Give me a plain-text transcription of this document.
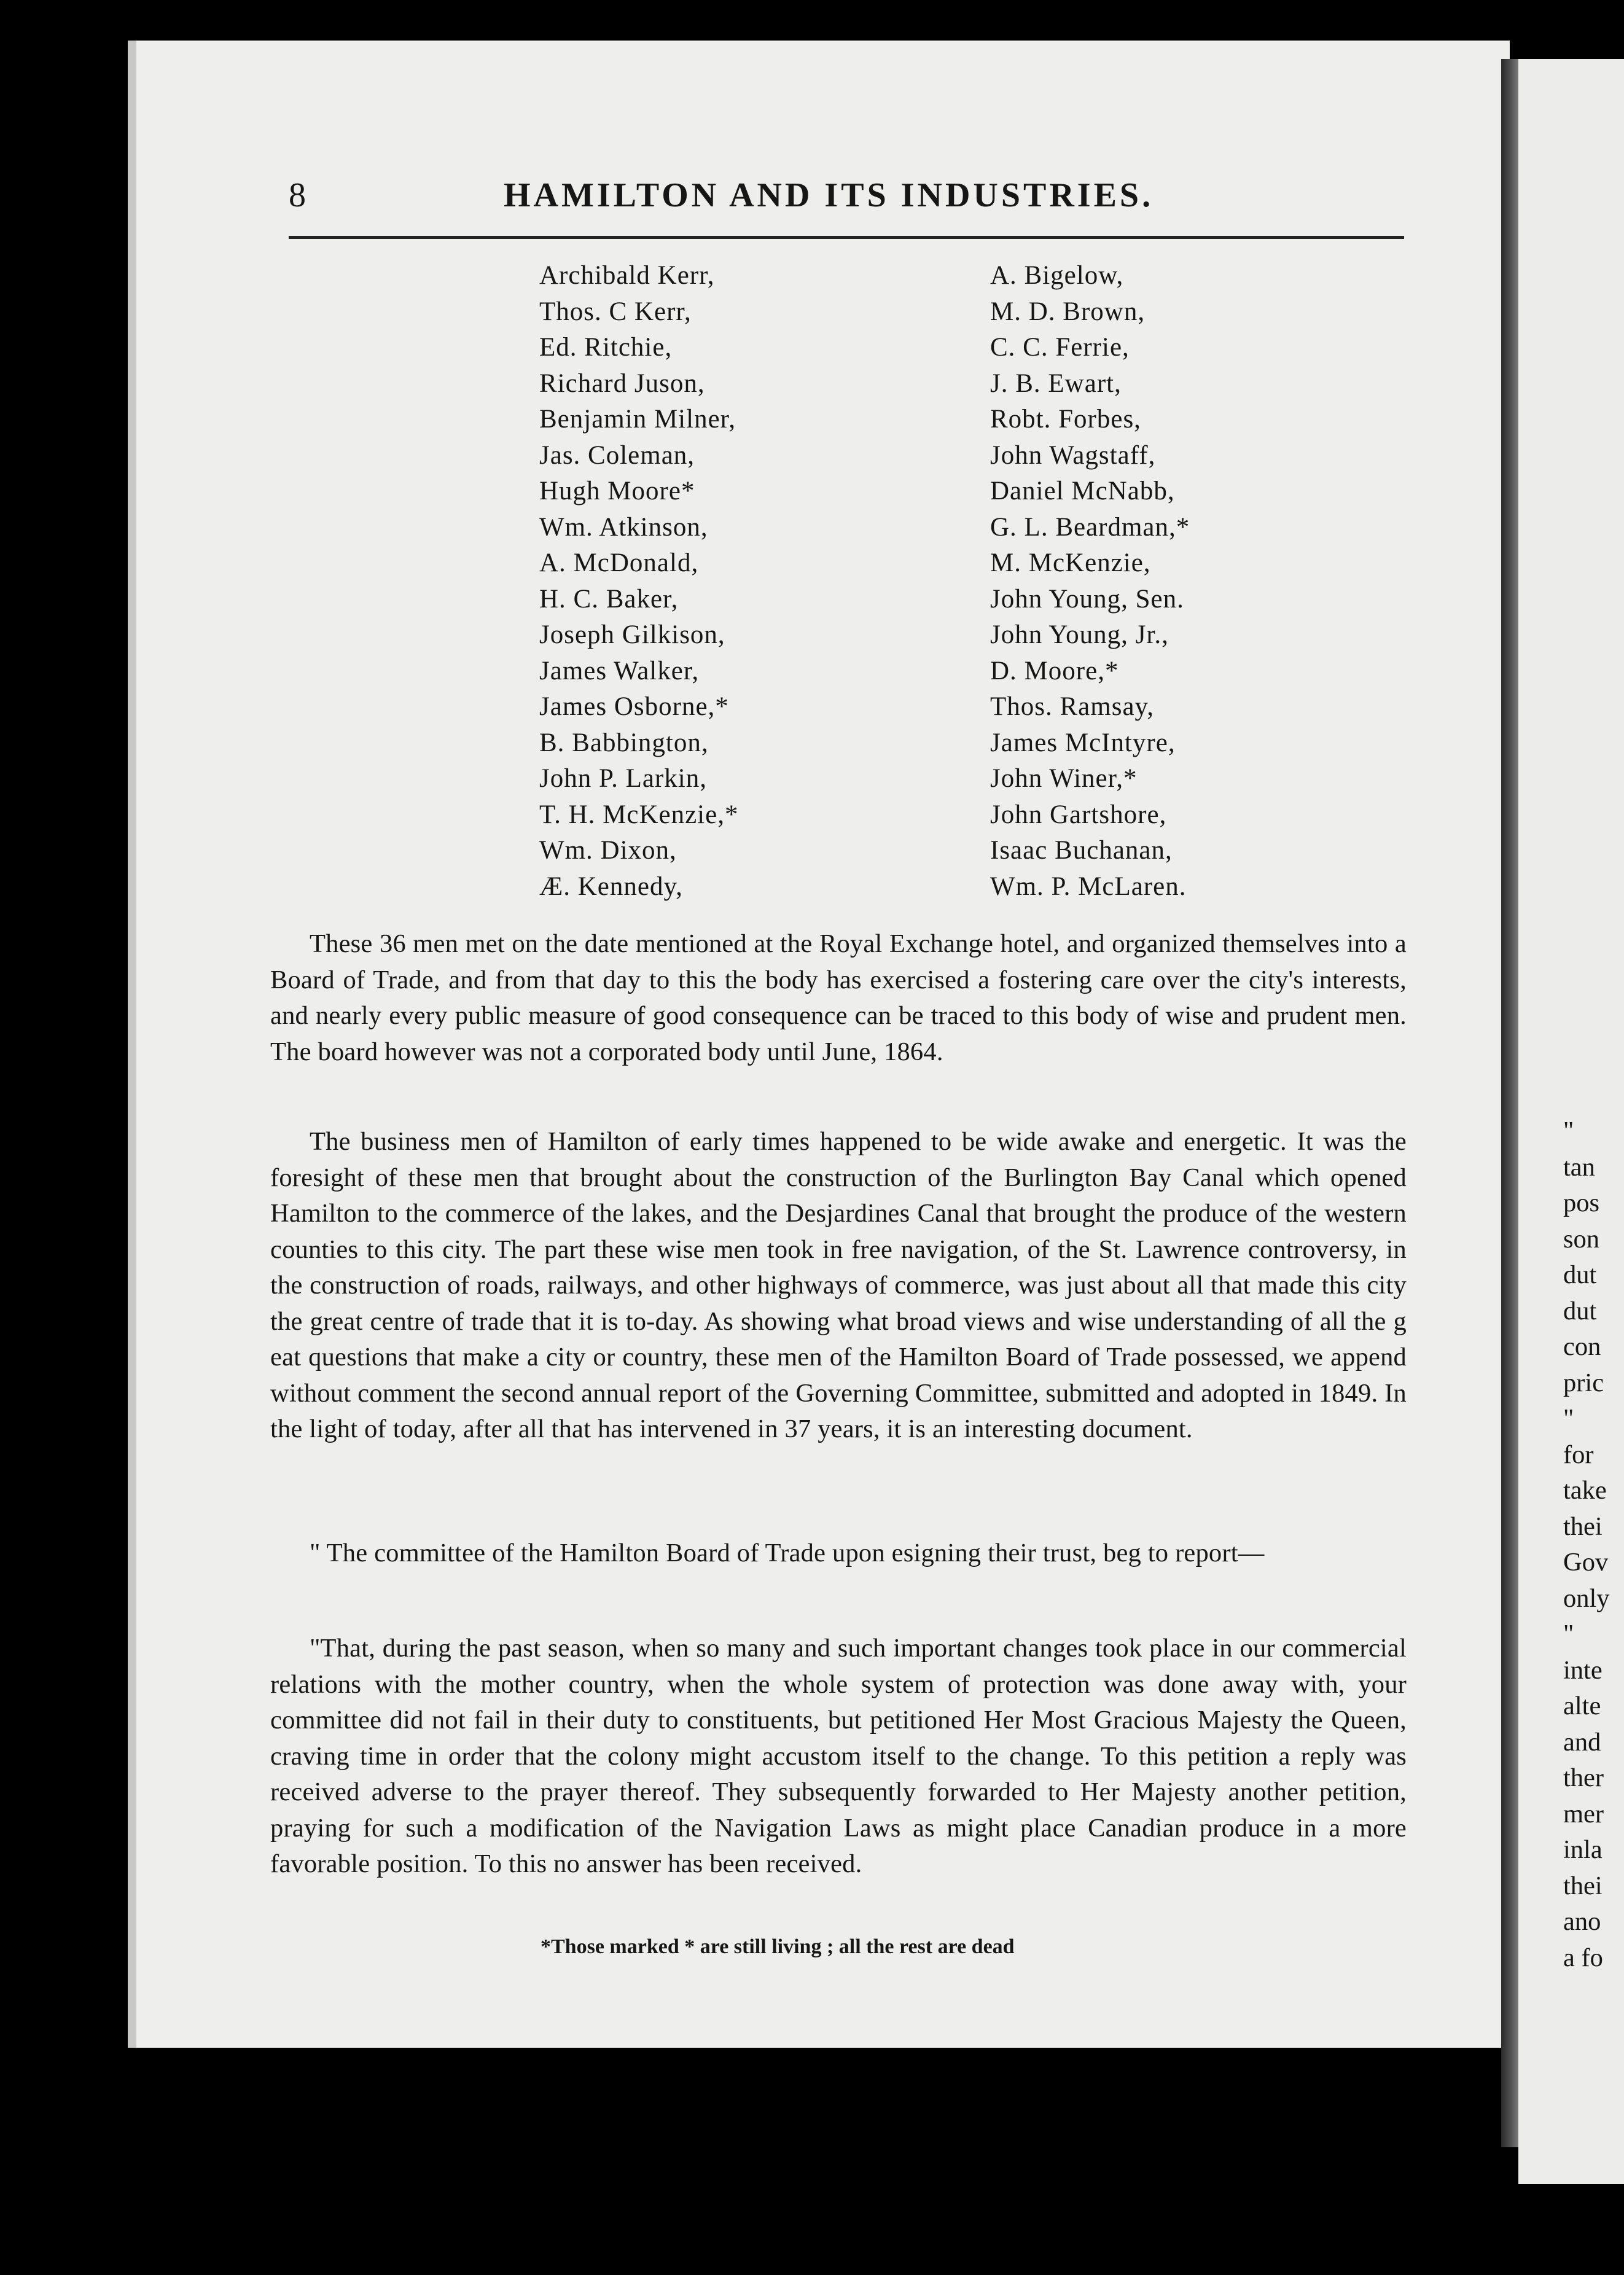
8	HAMILTON AND ITS INDUSTRIES.
Archibald Kerr,
Thos. C Kerr,
Ed. Ritchie,
Richard Juson,
Benjamin Milner,
Jas. Coleman,
Hugh Moore*
Wm. Atkinson,
A. McDonald,
H. C. Baker,
Joseph Gilkison,
James Walker,
James Osborne,*
B. Babbington,
John P. Larkin,
T. H. McKenzie,*
Wm. Dixon,
Æ. Kennedy,
A. Bigelow,
M. D. Brown,
C. C. Ferrie,
J. B. Ewart,
Robt. Forbes,
John Wagstaff,
Daniel McNabb,
G. L. Beardman,*
M. McKenzie,
John Young, Sen.
John Young, Jr.,
D. Moore,*
Thos. Ramsay,
James McIntyre,
John Winer,*
John Gartshore,
Isaac Buchanan,
Wm. P. McLaren.

These 36 men met on the date mentioned at the Royal Exchange hotel, and organized themselves into a Board of Trade, and from that day to this the body has exercised a fostering care over the city's interests, and nearly every public measure of good consequence can be traced to this body of wise and prudent men. The board however was not a corporated body until June, 1864.

The business men of Hamilton of early times happened to be wide awake and energetic. It was the foresight of these men that brought about the construction of the Burlington Bay Canal which opened Hamilton to the commerce of the lakes, and the Desjardines Canal that brought the produce of the western counties to this city. The part these wise men took in free navigation, of the St. Lawrence controversy, in the construction of roads, railways, and other highways of commerce, was just about all that made this city the great centre of trade that it is to-day. As showing what broad views and wise understanding of all the g eat questions that make a city or country, these men of the Hamilton Board of Trade possessed, we append without comment the second annual report of the Governing Committee, submitted and adopted in 1849. In the light of today, after all that has intervened in 37 years, it is an interesting document.

" The committee of the Hamilton Board of Trade upon esigning their trust, beg to report—

"That, during the past season, when so many and such important changes took place in our commercial relations with the mother country, when the whole system of protection was done away with, your committee did not fail in their duty to constituents, but petitioned Her Most Gracious Majesty the Queen, craving time in order that the colony might accustom itself to the change. To this petition a reply was received adverse to the prayer thereof. They subsequently forwarded to Her Majesty another petition, praying for such a modification of the Navigation Laws as might place Canadian produce in a more favorable position. To this no answer has been received.

*Those marked * are still living ; all the rest are dead
"
tan
pos
son
dut
dut
con
pric
"
for
take
thei
Gov
only
"
inte
alte
and
ther
mer
inla
thei
ano
a fo
